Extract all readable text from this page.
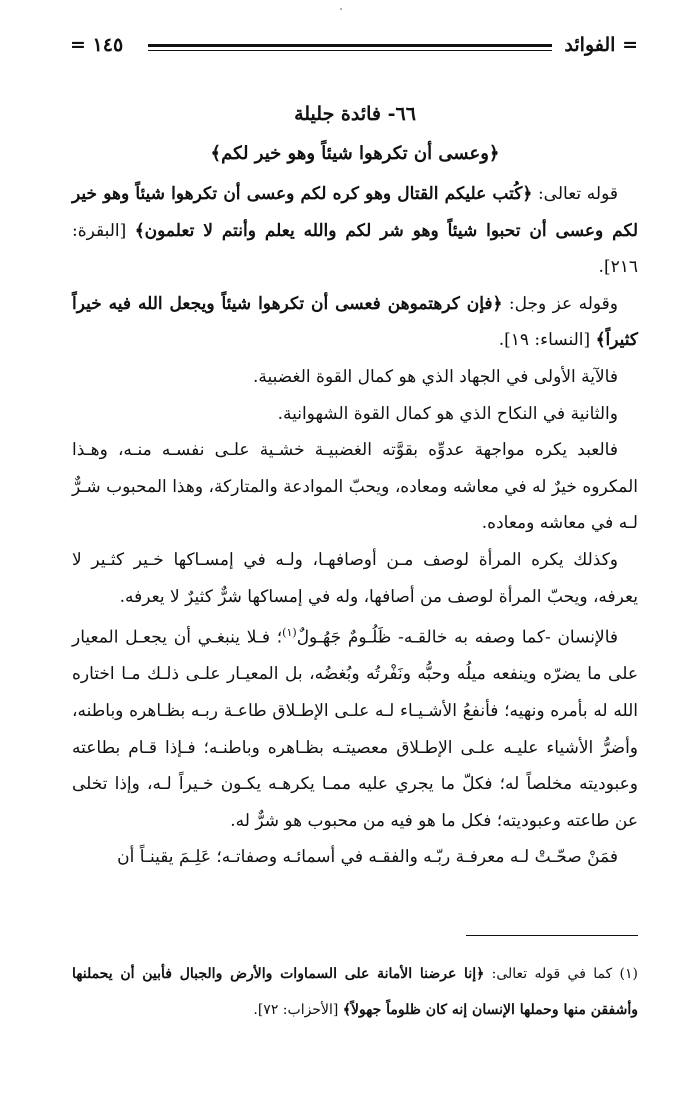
= الفوائد
١٤٥ =
٦٦- فائدة جليلة
﴿وعسى أن تكرهوا شيئاً وهو خير لكم﴾

قوله تعالى: ﴿كُتب عليكم القتال وهو كره لكم وعسى أن تكرهوا شيئاً وهو خير لكم وعسى أن تحبوا شيئاً وهو شر لكم والله يعلم وأنتم لا تعلمون﴾ [البقرة: ٢١٦].

وقوله عز وجل: ﴿فإن كرهتموهن فعسى أن تكرهوا شيئاً ويجعل الله فيه خيراً كثيراً﴾ [النساء: ١٩].

فالآية الأولى في الجهاد الذي هو كمال القوة الغضبية.

والثانية في النكاح الذي هو كمال القوة الشهوانية.

فالعبد يكره مواجهة عدوِّه بقوَّته الغضبيـة خشـية علـى نفسـه منـه، وهـذا المكروه خيرٌ له في معاشه ومعاده، ويحبّ الموادعة والمتاركة، وهذا المحبوب شـرٌّ لـه في معاشه ومعاده.

وكذلك يكره المرأة لوصف مـن أوصافهـا، ولـه في إمسـاكها خـير كثـير لا يعرفه، ويحبّ المرأة لوصف من أصافها، وله في إمساكها شرٌّ كثيرٌ لا يعرفه.

فالإنسان -كما وصفه به خالقـه- ظَلُـومٌ جَهُـولٌ$^{(١)}$؛ فـلا ينبغـي أن يجعـل المعيار على ما يضرّه وينفعه ميلُه وحبُّه ونَفْرتُه وبُغضُه، بل المعيـار علـى ذلـك مـا اختاره الله له بأمره ونهيه؛ فأنفعُ الأشـيـاء لـه علـى الإطـلاق طاعـة ربـه بظـاهره وباطنه، وأضرُّ الأشياء عليـه علـى الإطـلاق معصيتـه بظـاهره وباطنـه؛ فـإذا قـام بطاعته وعبوديته مخلصاً له؛ فكلّ ما يجري عليه ممـا يكرهـه يكـون خـيراً لـه، وإذا تخلى عن طاعته وعبوديته؛ فكل ما هو فيه من محبوب هو شرٌّ له.

فمَنْ صحّـتْ لـه معرفـة ربّـه والفقـه في أسمائـه وصفاتـه؛ عَلِـمَ يقينـاً أن

(١) كما في قوله تعالى: ﴿إنا عرضنا الأمانة على السماوات والأرض والجبال فأبين أن يحملنها وأشفقن منها وحملها الإنسان إنه كان ظلوماً جهولاً﴾ [الأحزاب: ٧٢].
